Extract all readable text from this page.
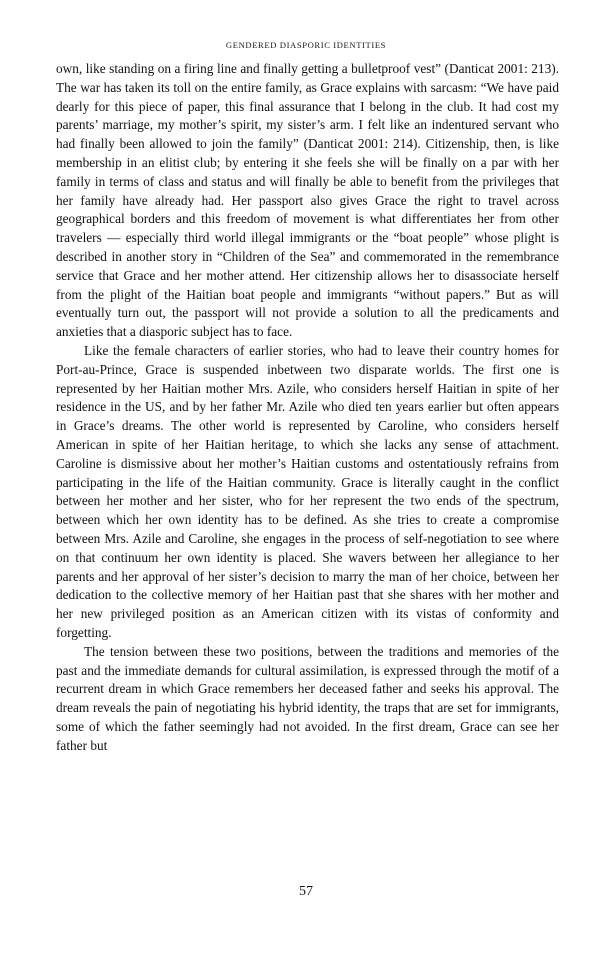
GENDERED DIASPORIC IDENTITIES

own, like standing on a firing line and finally getting a bulletproof vest” (Danticat 2001: 213). The war has taken its toll on the entire family, as Grace explains with sarcasm: “We have paid dearly for this piece of paper, this final assurance that I belong in the club. It had cost my parents’ marriage, my mother’s spirit, my sister’s arm. I felt like an indentured servant who had finally been allowed to join the family” (Danticat 2001: 214). Citizenship, then, is like membership in an elitist club; by entering it she feels she will be finally on a par with her family in terms of class and status and will finally be able to benefit from the privileges that her family have already had. Her passport also gives Grace the right to travel across geographical borders and this freedom of movement is what differentiates her from other travelers — especially third world illegal immigrants or the “boat people” whose plight is described in another story in “Children of the Sea” and commemorated in the remembrance service that Grace and her mother attend. Her citizenship allows her to disassociate herself from the plight of the Haitian boat people and immigrants “without papers.” But as will eventually turn out, the passport will not provide a solution to all the predicaments and anxieties that a diasporic subject has to face.

Like the female characters of earlier stories, who had to leave their country homes for Port-au-Prince, Grace is suspended inbetween two disparate worlds. The first one is represented by her Haitian mother Mrs. Azile, who considers herself Haitian in spite of her residence in the US, and by her father Mr. Azile who died ten years earlier but often appears in Grace’s dreams. The other world is represented by Caroline, who considers herself American in spite of her Haitian heritage, to which she lacks any sense of attachment. Caroline is dismissive about her mother’s Haitian customs and ostentatiously refrains from participating in the life of the Haitian community. Grace is literally caught in the conflict between her mother and her sister, who for her represent the two ends of the spectrum, between which her own identity has to be defined. As she tries to create a compromise between Mrs. Azile and Caroline, she engages in the process of self-negotiation to see where on that continuum her own identity is placed. She wavers between her allegiance to her parents and her approval of her sister’s decision to marry the man of her choice, between her dedication to the collective memory of her Haitian past that she shares with her mother and her new privileged position as an American citizen with its vistas of conformity and forgetting.

The tension between these two positions, between the traditions and memories of the past and the immediate demands for cultural assimilation, is expressed through the motif of a recurrent dream in which Grace remembers her deceased father and seeks his approval. The dream reveals the pain of negotiating his hybrid identity, the traps that are set for immigrants, some of which the father seemingly had not avoided. In the first dream, Grace can see her father but

57
